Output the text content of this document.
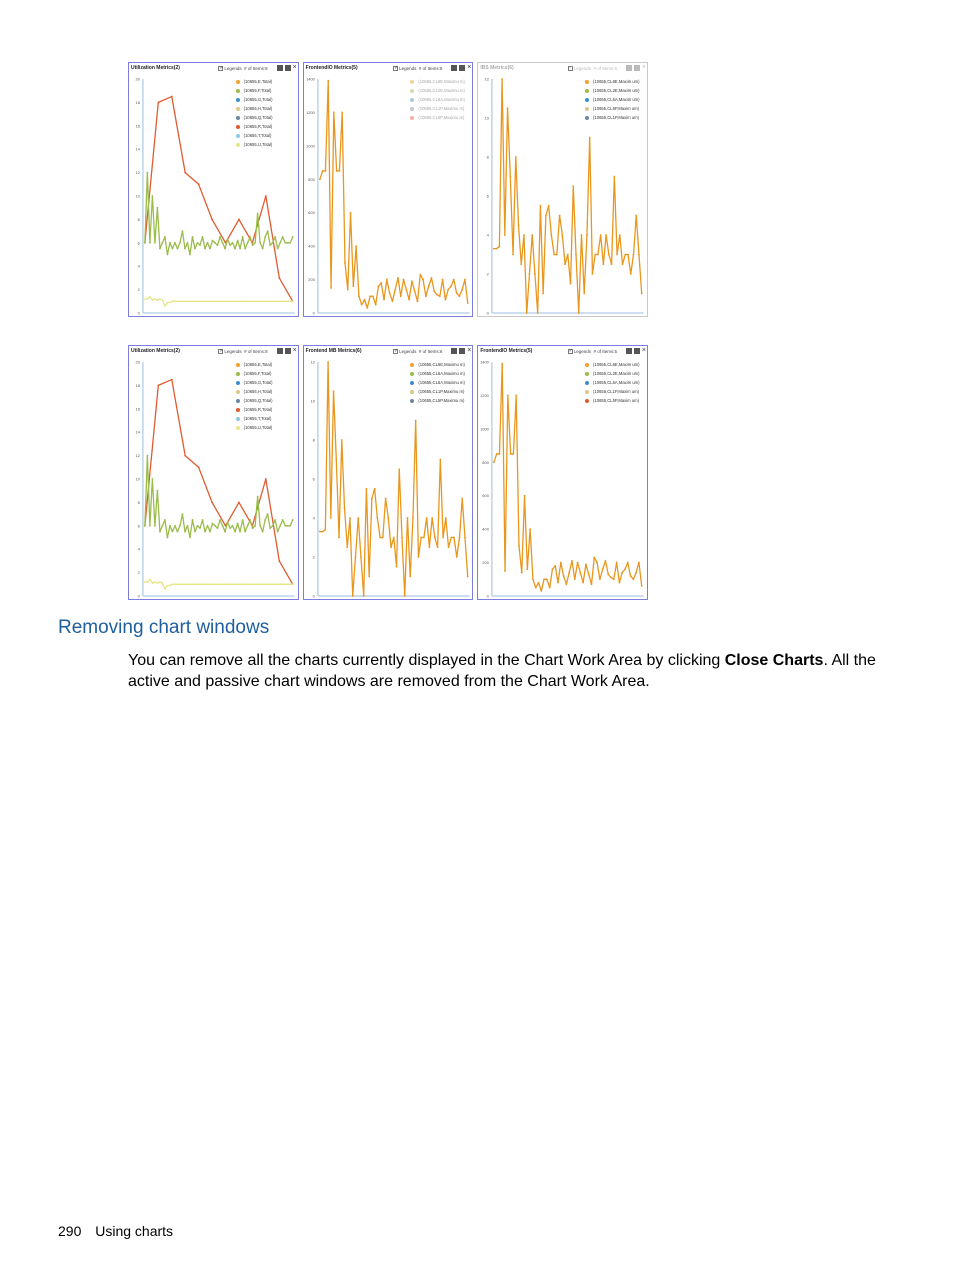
Utilization Metrics(2)	✓Legends # of Items:8	×
0
2
4
6
8
10
12
14
16
18
20
(10655,E,Total)
(10655,F,Total)
(10655,G,Total)
(10655,H,Total)
(10655,Q,Total)
(10655,R,Total)
(10655,T,Total)
(10655,U,Total)
FrontendIO Metrics(5)	✓Legends # of Items:5	×
0
200
400
600
800
1000
1200
1400
(10655,CL6E,Maximu m)
(10655,CL2E,Maximu m)
(10655,CL6A,Maximu m)
(10655,CL1P,Maximu m)
(10655,CL5P,Maximu m)
IBS Metrics(6)	✓Legends # of Items:6	×
0
2
4
6
8
10
12
(10655,CL6E,Maxim um)
(10655,CL2E,Maxim um)
(10655,CL6A,Maxim um)
(10655,CL5P,Maxim um)
(10655,CL1P,Maxim um)
Utilization Metrics(2)	✓Legends # of Items:8	×
0
2
4
6
8
10
12
14
16
18
20
(10655,E,Total)
(10655,F,Total)
(10655,G,Total)
(10655,H,Total)
(10655,Q,Total)
(10655,R,Total)
(10655,T,Total)
(10655,U,Total)
Frontend MB Metrics(6)	✓Legends # of Items:6	×
0
2
4
6
8
10
12
(10655,CL6E,Maximu m)
(10655,CL6A,Maximu m)
(10655,CL6A,Maximu m)
(10655,CL1P,Maximu m)
(10655,CL5P,Maximu m)
FrontendIO Metrics(5)	✓Legends # of Items:5	×
0
200
400
600
800
1000
1200
1400
(10655,CL6E,Maxim um)
(10655,CL2E,Maxim um)
(10655,CL6A,Maxim um)
(10655,CL1P,Maxim um)
(10655,CL5P,Maxim um)
Removing chart windows

You can remove all the charts currently displayed in the Chart Work Area by clicking Close Charts. All the active and passive chart windows are removed from the Chart Work Area.

290 Using charts
